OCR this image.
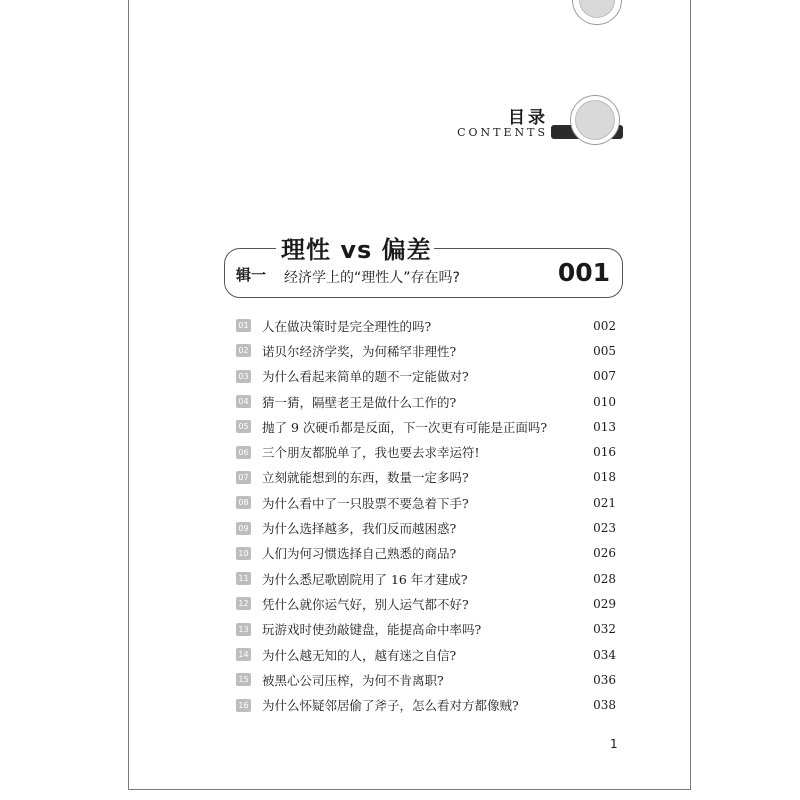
目录
CONTENTS
理性 vs 偏差
辑一 经济学上的“理性人”存在吗?	001
01 人在做决策时是完全理性的吗?	002
02 诺贝尔经济学奖，为何稀罕非理性?	005
03 为什么看起来简单的题不一定能做对?	007
04 猜一猜，隔壁老王是做什么工作的?	010
05 抛了 9 次硬币都是反面，下一次更有可能是正面吗?	013
06 三个朋友都脱单了，我也要去求幸运符!	016
07 立刻就能想到的东西，数量一定多吗?	018
08 为什么看中了一只股票不要急着下手?	021
09 为什么选择越多，我们反而越困惑?	023
10 人们为何习惯选择自己熟悉的商品?	026
11 为什么悉尼歌剧院用了 16 年才建成?	028
12 凭什么就你运气好，别人运气都不好?	029
13 玩游戏时使劲敲键盘，能提高命中率吗?	032
14 为什么越无知的人，越有迷之自信?	034
15 被黑心公司压榨，为何不肯离职?	036
16 为什么怀疑邻居偷了斧子，怎么看对方都像贼?	038
1
